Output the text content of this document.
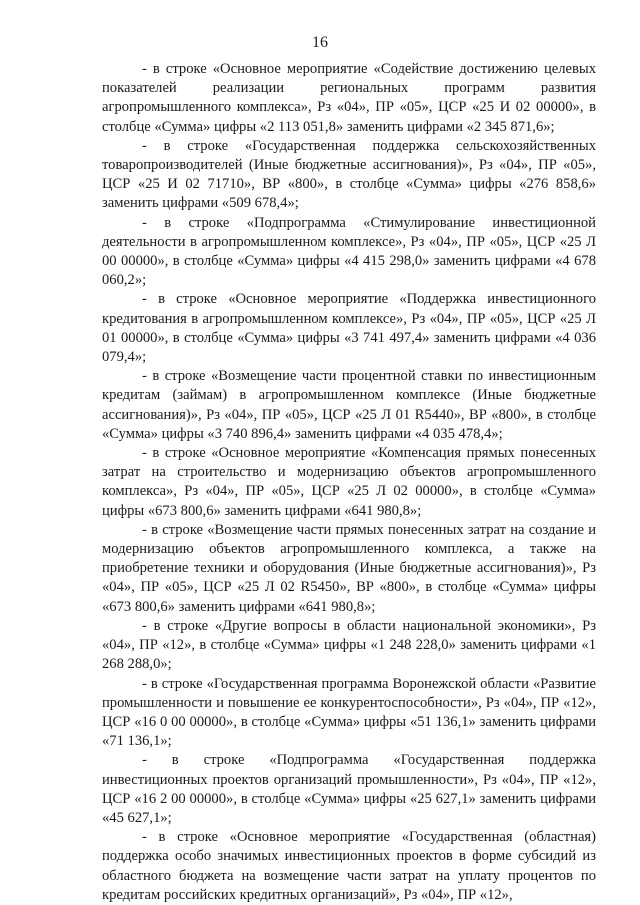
16

- в строке «Основное мероприятие «Содействие достижению целевых показателей реализации региональных программ развития агропромышленного комплекса», Рз «04», ПР «05», ЦСР «25 И 02 00000», в столбце «Сумма» цифры «2 113 051,8» заменить цифрами «2 345 871,6»;

- в строке «Государственная поддержка сельскохозяйственных товаропроизводителей (Иные бюджетные ассигнования)», Рз «04», ПР «05», ЦСР «25 И 02 71710», ВР «800», в столбце «Сумма» цифры «276 858,6» заменить цифрами «509 678,4»;

- в строке «Подпрограмма «Стимулирование инвестиционной деятельности в агропромышленном комплексе», Рз «04», ПР «05», ЦСР «25 Л 00 00000», в столбце «Сумма» цифры «4 415 298,0» заменить цифрами «4 678 060,2»;

- в строке «Основное мероприятие «Поддержка инвестиционного кредитования в агропромышленном комплексе», Рз «04», ПР «05», ЦСР «25 Л 01 00000», в столбце «Сумма» цифры «3 741 497,4» заменить цифрами «4 036 079,4»;

- в строке «Возмещение части процентной ставки по инвестиционным кредитам (займам) в агропромышленном комплексе (Иные бюджетные ассигнования)», Рз «04», ПР «05», ЦСР «25 Л 01 R5440», ВР «800», в столбце «Сумма» цифры «3 740 896,4» заменить цифрами «4 035 478,4»;

- в строке «Основное мероприятие «Компенсация прямых понесенных затрат на строительство и модернизацию объектов агропромышленного комплекса», Рз «04», ПР «05», ЦСР «25 Л 02 00000», в столбце «Сумма» цифры «673 800,6» заменить цифрами «641 980,8»;

- в строке «Возмещение части прямых понесенных затрат на создание и модернизацию объектов агропромышленного комплекса, а также на приобретение техники и оборудования (Иные бюджетные ассигнования)», Рз «04», ПР «05», ЦСР «25 Л 02 R5450», ВР «800», в столбце «Сумма» цифры «673 800,6» заменить цифрами «641 980,8»;

- в строке «Другие вопросы в области национальной экономики», Рз «04», ПР «12», в столбце «Сумма» цифры «1 248 228,0» заменить цифрами «1 268 288,0»;

- в строке «Государственная программа Воронежской области «Развитие промышленности и повышение ее конкурентоспособности», Рз «04», ПР «12», ЦСР «16 0 00 00000», в столбце «Сумма» цифры «51 136,1» заменить цифрами «71 136,1»;

- в строке «Подпрограмма «Государственная поддержка инвестиционных проектов организаций промышленности», Рз «04», ПР «12», ЦСР «16 2 00 00000», в столбце «Сумма» цифры «25 627,1» заменить цифрами «45 627,1»;

- в строке «Основное мероприятие «Государственная (областная) поддержка особо значимых инвестиционных проектов в форме субсидий из областного бюджета на возмещение части затрат на уплату процентов по кредитам российских кредитных организаций», Рз «04», ПР «12»,
